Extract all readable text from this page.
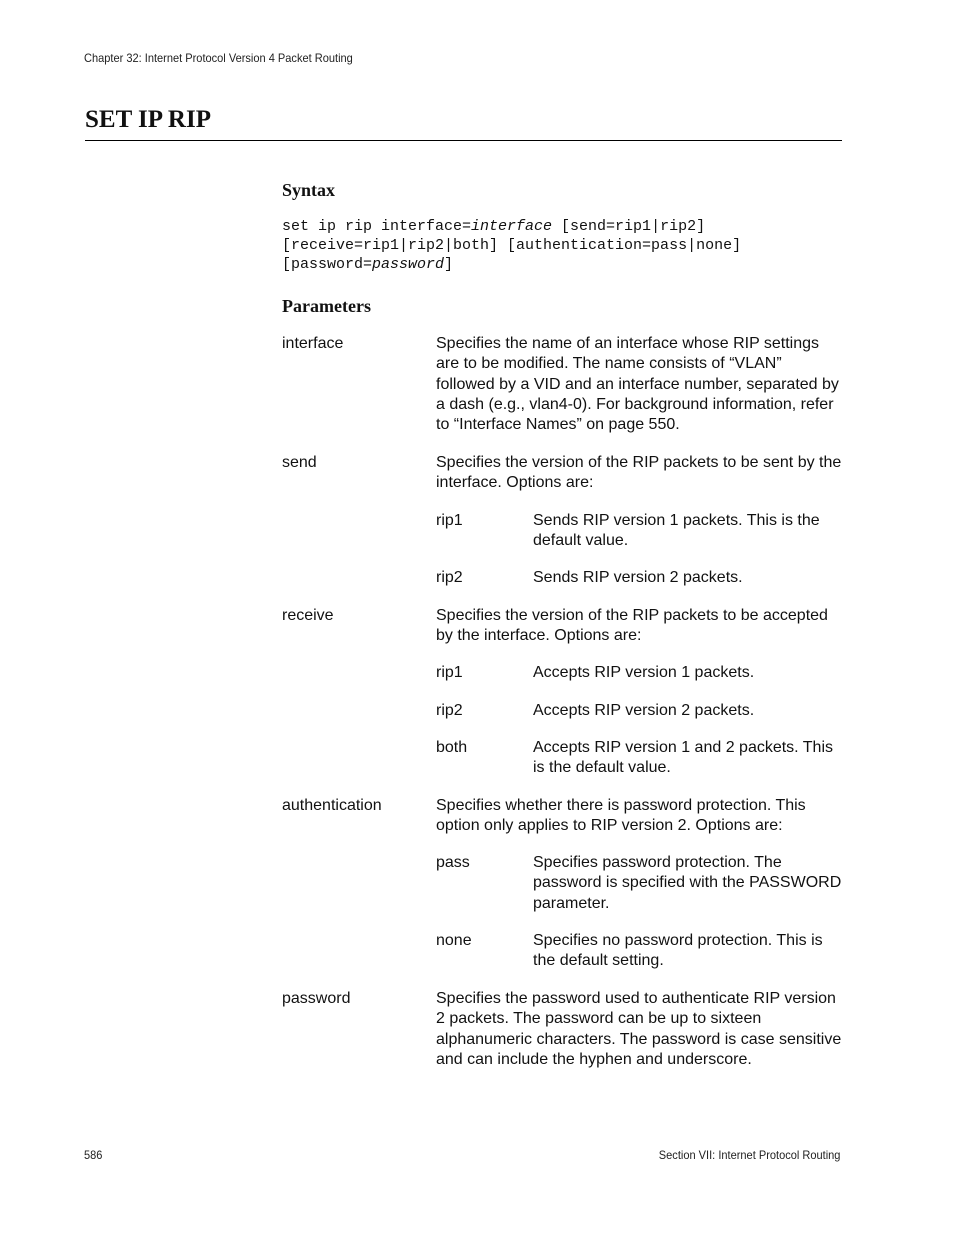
Chapter 32: Internet Protocol Version 4 Packet Routing
SET IP RIP
Syntax
set ip rip interface=interface [send=rip1|rip2]
[receive=rip1|rip2|both] [authentication=pass|none]
[password=password]
Parameters
interface	Specifies the name of an interface whose RIP settings are to be modified. The name consists of “VLAN” followed by a VID and an interface number, separated by a dash (e.g., vlan4-0). For background information, refer to “Interface Names” on page 550.
send	Specifies the version of the RIP packets to be sent by the interface. Options are:
rip1	Sends RIP version 1 packets. This is the default value.
rip2	Sends RIP version 2 packets.
receive	Specifies the version of the RIP packets to be accepted by the interface. Options are:
rip1	Accepts RIP version 1 packets.
rip2	Accepts RIP version 2 packets.
both	Accepts RIP version 1 and 2 packets. This is the default value.
authentication	Specifies whether there is password protection. This option only applies to RIP version 2. Options are:
pass	Specifies password protection. The password is specified with the PASSWORD parameter.
none	Specifies no password protection. This is the default setting.
password	Specifies the password used to authenticate RIP version 2 packets. The password can be up to sixteen alphanumeric characters. The password is case sensitive and can include the hyphen and underscore.
586	Section VII: Internet Protocol Routing
